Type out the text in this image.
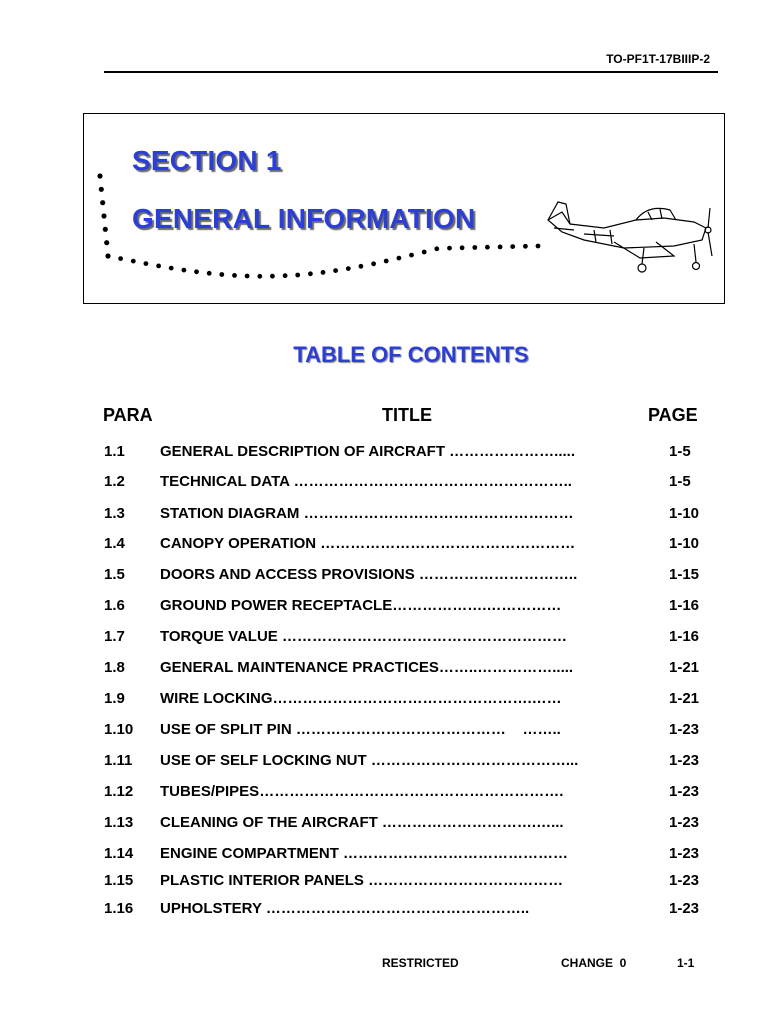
TO-PF1T-17BIIIP-2
SECTION 1
GENERAL INFORMATION
TABLE OF CONTENTS
PARA	TITLE	PAGE
1.1 GENERAL DESCRIPTION OF AIRCRAFT ………………….....	1-5
1.2 TECHNICAL DATA ………………………………………………..	1-5
1.3 STATION DIAGRAM ………………………………………………	1-10
1.4 CANOPY OPERATION ……………………………………………	1-10
1.5 DOORS AND ACCESS PROVISIONS …………………………..	1-15
1.6 GROUND POWER RECEPTACLE……………….……………	1-16
1.7 TORQUE VALUE …………………………………………………	1-16
1.8 GENERAL MAINTENANCE PRACTICES……..…………….....	1-21
1.9 WIRE LOCKING…………………………………………….……	1-21
1.10 USE OF SPLIT PIN ……………………………………    ……..	1-23
1.11 USE OF SELF LOCKING NUT …………………………………...	1-23
1.12 TUBES/PIPES…………………………………………………….	1-23
1.13 CLEANING OF THE AIRCRAFT ………………………….…...	1-23
1.14 ENGINE COMPARTMENT ………………………………………	1-23
1.15 PLASTIC INTERIOR PANELS …………………………………	1-23
1.16 UPHOLSTERY ……………………………………………..	1-23
RESTRICTED	CHANGE  0	1-1
